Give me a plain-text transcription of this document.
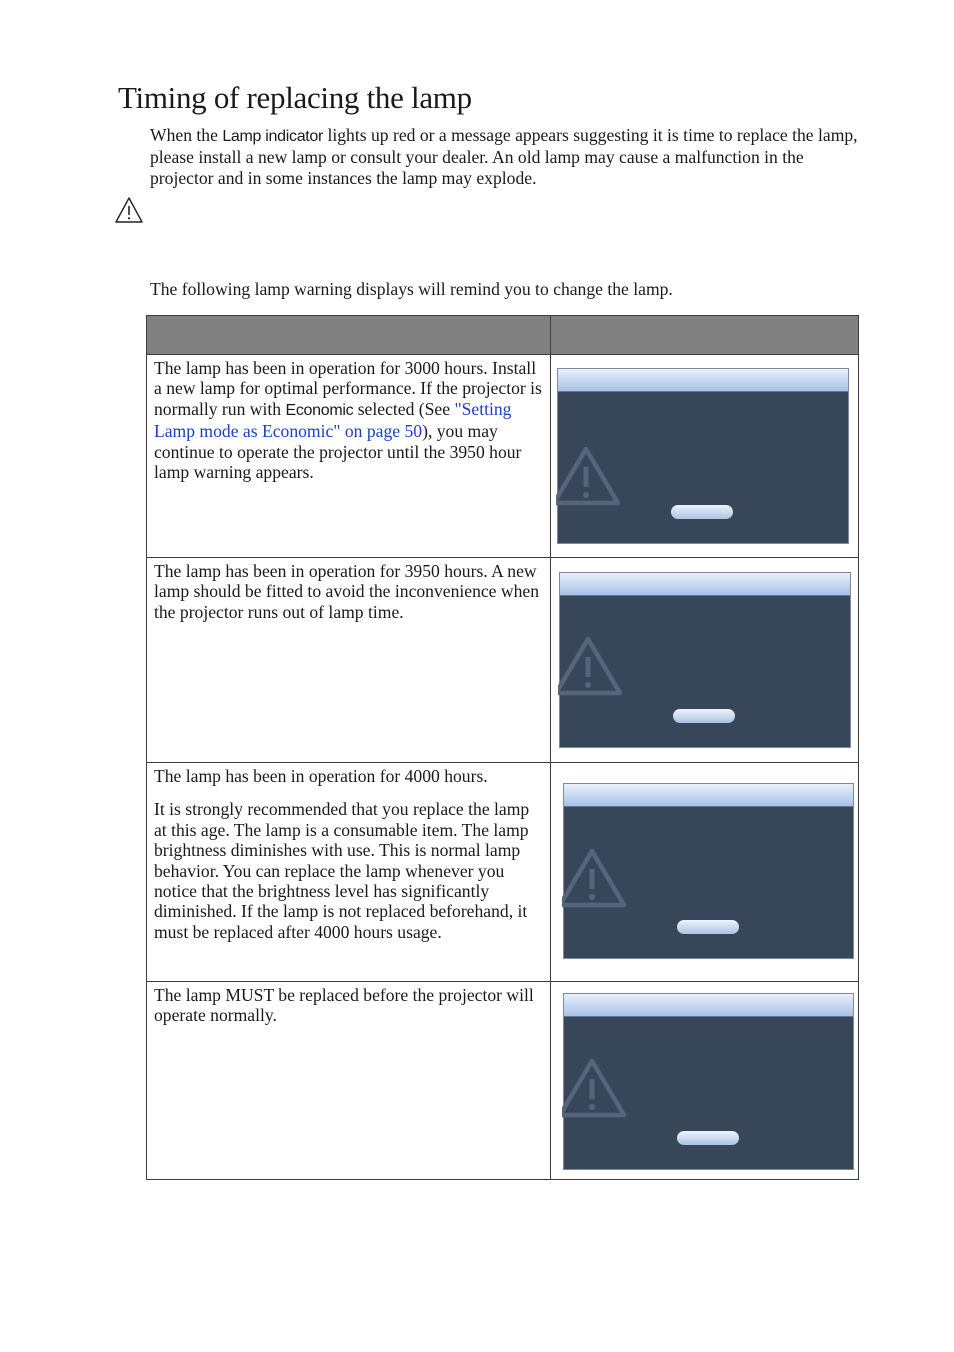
Timing of replacing the lamp

When the Lamp indicator lights up red or a message appears suggesting it is time to replace the lamp, please install a new lamp or consult your dealer. An old lamp may cause a malfunction in the projector and in some instances the lamp may explode.

The following lamp warning displays will remind you to change the lamp.

The lamp has been in operation for 3000 hours. Install a new lamp for optimal performance. If the projector is normally run with Economic selected (See "Setting Lamp mode as Economic" on page 50), you may continue to operate the projector until the 3950 hour lamp warning appears.

The lamp has been in operation for 3950 hours. A new lamp should be fitted to avoid the inconvenience when the projector runs out of lamp time.

The lamp has been in operation for 4000 hours.

It is strongly recommended that you replace the lamp at this age. The lamp is a consumable item. The lamp brightness diminishes with use. This is normal lamp behavior. You can replace the lamp whenever you notice that the brightness level has significantly diminished. If the lamp is not replaced beforehand, it must be replaced after 4000 hours usage.

The lamp MUST be replaced before the projector will operate normally.
